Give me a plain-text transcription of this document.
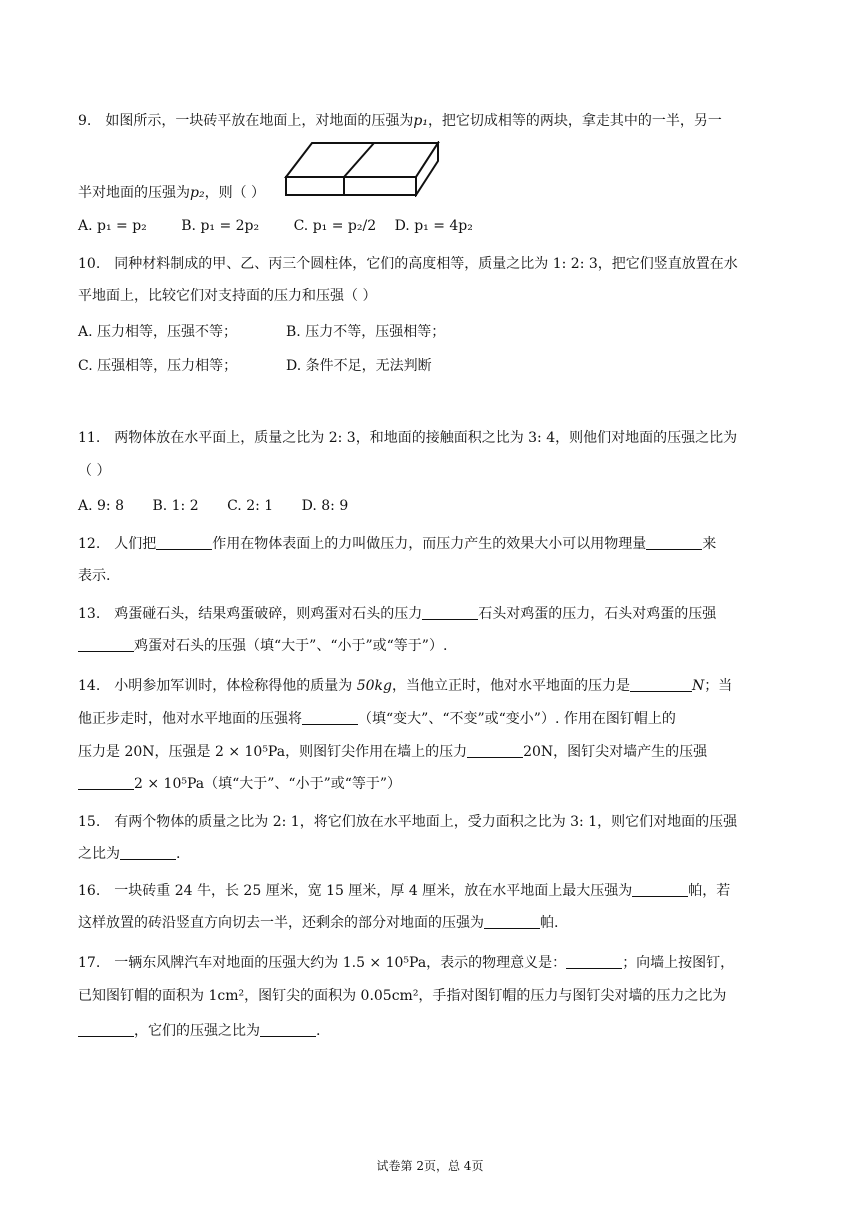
9.　如图所示，一块砖平放在地面上，对地面的压强为p₁，把它切成相等的两块，拿走其中的一半，另一
半对地面的压强为p₂，则（ ）
A. p₁ = p₂ B. p₁ = 2p₂ C. p₁ = p₂/2 D. p₁ = 4p₂
10.　同种材料制成的甲、乙、丙三个圆柱体，它们的高度相等，质量之比为 1: 2: 3，把它们竖直放置在水
平地面上，比较它们对支持面的压力和压强（ ）
A. 压力相等，压强不等；	B. 压力不等，压强相等；
C. 压强相等，压力相等；	D. 条件不足，无法判断
11.　两物体放在水平面上，质量之比为 2: 3，和地面的接触面积之比为 3: 4，则他们对地面的压强之比为
（ ）
A. 9: 8 B. 1: 2 C. 2: 1 D. 8: 9
12.　人们把	作用在物体表面上的力叫做压力，而压力产生的效果大小可以用物理量	来
表示.
13.　鸡蛋碰石头，结果鸡蛋破碎，则鸡蛋对石头的压力	石头对鸡蛋的压力，石头对鸡蛋的压强
鸡蛋对石头的压强（填“大于”、“小于”或“等于”）.
14.　小明参加军训时，体检称得他的质量为 50kg，当他立正时，他对水平地面的压力是	N；当
他正步走时，他对水平地面的压强将	（填“变大”、“不变”或“变小”）. 作用在图钉帽上的
压力是 20N，压强是 2 × 10⁵Pa，则图钉尖作用在墙上的压力	20N，图钉尖对墙产生的压强
2 × 10⁵Pa（填“大于”、“小于”或“等于”）
15.　有两个物体的质量之比为 2: 1，将它们放在水平地面上，受力面积之比为 3: 1，则它们对地面的压强
之比为	.
16.　一块砖重 24 牛，长 25 厘米，宽 15 厘米，厚 4 厘米，放在水平地面上最大压强为	帕，若
这样放置的砖沿竖直方向切去一半，还剩余的部分对地面的压强为	帕.
17.　一辆东风牌汽车对地面的压强大约为 1.5 × 10⁵Pa，表示的物理意义是：	；向墙上按图钉，
已知图钉帽的面积为 1cm²，图钉尖的面积为 0.05cm²，手指对图钉帽的压力与图钉尖对墙的压力之比为
，它们的压强之比为	.
试卷第 2页，总 4页
